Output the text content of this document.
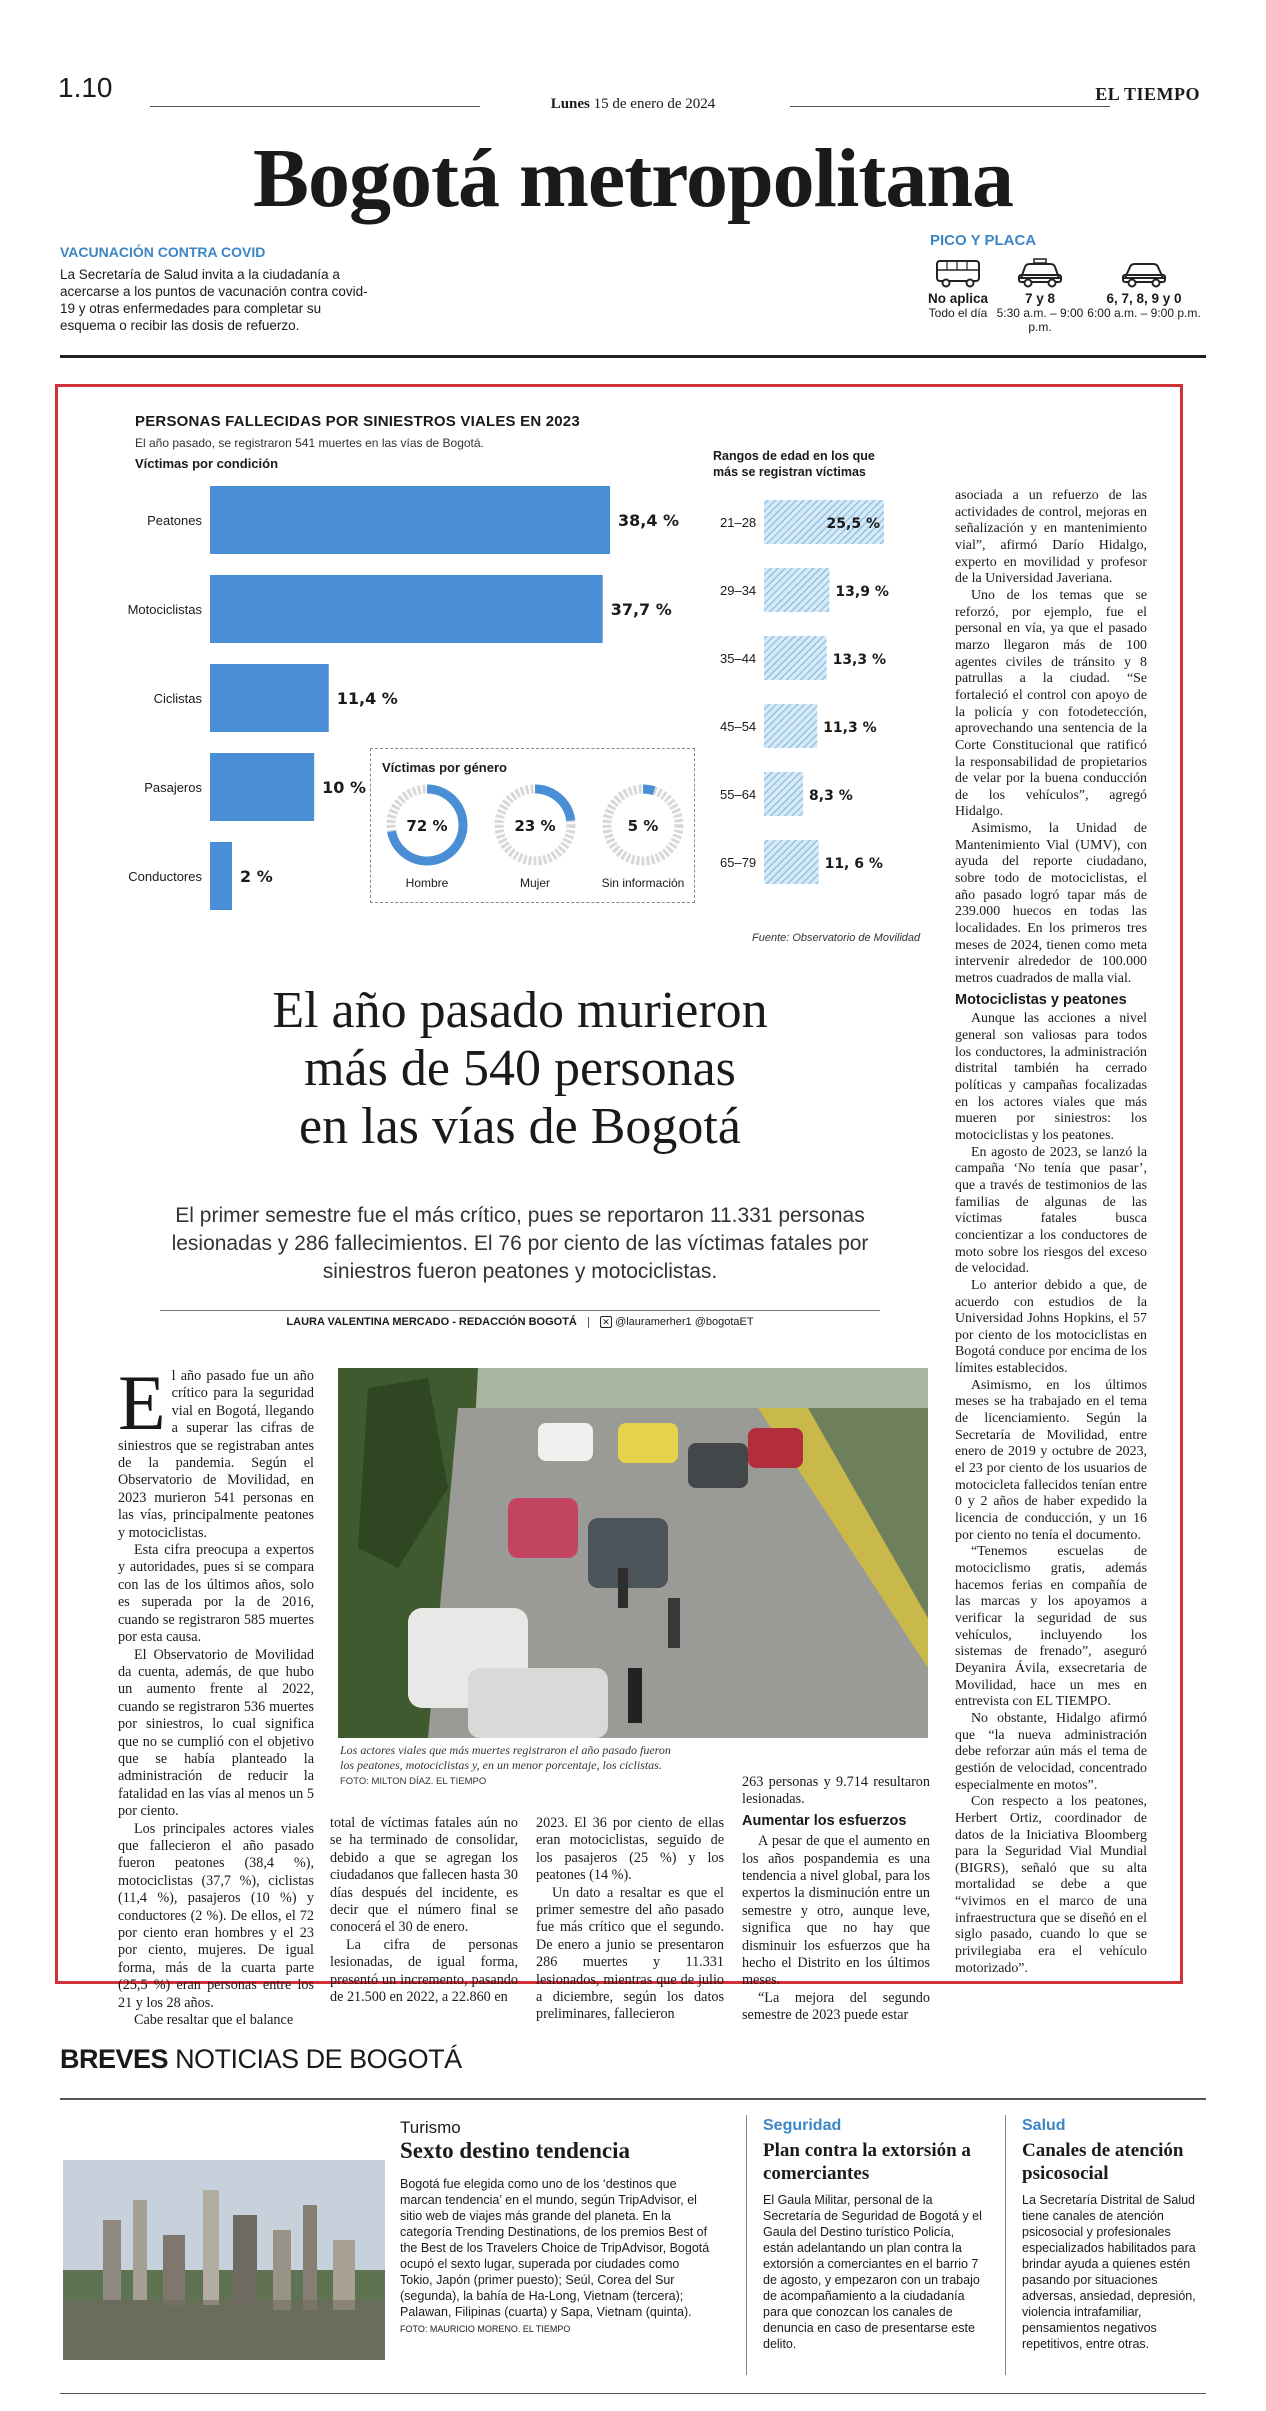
1.10
Lunes 15 de enero de 2024	EL TIEMPO
Bogotá metropolitana
VACUNACIÓN CONTRA COVID
La Secretaría de Salud invita a la ciudadanía a acercarse a los puntos de vacunación contra covid-19 y otras enfermedades para completar su esquema o recibir las dosis de refuerzo.
PICO Y PLACA
No aplica
Todo el día
7 y 8
5:30 a.m. – 9:00 p.m.
6, 7, 8, 9 y 0
6:00 a.m. – 9:00 p.m.
PERSONAS FALLECIDAS POR SINIESTROS VIALES EN 2023
El año pasado, se registraron 541 muertes en las vías de Bogotá.
Víctimas por condición
Peatones	38,4 %
Motociclistas	37,7 %
Ciclistas	11,4 %
Pasajeros	10 %
Conductores 2 %
Rangos de edad en los que más se registran víctimas
21–28	25,5 %
29–34	13,9 %
35–44	13,3 %
45–54	11,3 %
55–64	8,3 %
65–79	11, 6 %
Víctimas por género
72 %
Hombre
23 %
Mujer
5 %
Sin información
Fuente: Observatorio de Movilidad
El año pasado murieron
más de 540 personas
en las vías de Bogotá
El primer semestre fue el más crítico, pues se reportaron 11.331 personas lesionadas y 286 fallecimientos. El 76 por ciento de las víctimas fatales por siniestros fueron peatones y motociclistas.
LAURA VALENTINA MERCADO - REDACCIÓN BOGOTÁ	✕ @lauramerher1 @bogotaET
E l año pasado fue un año crítico para la seguridad vial en Bogotá, llegando a superar las cifras de siniestros que se registraban antes de la pandemia. Según el Observatorio de Movilidad, en 2023 murieron 541 personas en las vías, principalmente peatones y motociclistas.

Esta cifra preocupa a expertos y autoridades, pues si se compara con las de los últimos años, solo es superada por la de 2016, cuando se registraron 585 muertes por esta causa.

El Observatorio de Movilidad da cuenta, además, de que hubo un aumento frente al 2022, cuando se registraron 536 muertes por siniestros, lo cual significa que no se cumplió con el objetivo que se había planteado la administración de reducir la fatalidad en las vías al menos un 5 por ciento.

Los principales actores viales que fallecieron el año pasado fueron peatones (38,4 %), motociclistas (37,7 %), ciclistas (11,4 %), pasajeros (10 %) y conductores (2 %). De ellos, el 72 por ciento eran hombres y el 23 por ciento, mujeres. De igual forma, más de la cuarta parte (25,5 %) eran personas entre los 21 y los 28 años.

Cabe resaltar que el balance

Los actores viales que más muertes registraron el año pasado fueron los peatones, motociclistas y, en un menor porcentaje, los ciclistas. FOTO: MILTON DÍAZ. EL TIEMPO

total de víctimas fatales aún no se ha terminado de consolidar, debido a que se agregan los ciudadanos que fallecen hasta 30 días después del incidente, es decir que el número final se conocerá el 30 de enero.

La cifra de personas lesionadas, de igual forma, presentó un incremento, pasando de 21.500 en 2022, a 22.860 en

2023. El 36 por ciento de ellas eran motociclistas, seguido de los pasajeros (25 %) y los peatones (14 %).

Un dato a resaltar es que el primer semestre del año pasado fue más crítico que el segundo. De enero a junio se presentaron 286 muertes y 11.331 lesionados, mientras que de julio a diciembre, según los datos preliminares, fallecieron

263 personas y 9.714 resultaron lesionadas.

Aumentar los esfuerzos

A pesar de que el aumento en los años pospandemia es una tendencia a nivel global, para los expertos la disminución entre un semestre y otro, aunque leve, significa que no hay que disminuir los esfuerzos que ha hecho el Distrito en los últimos meses.

“La mejora del segundo semestre de 2023 puede estar

asociada a un refuerzo de las actividades de control, mejoras en señalización y en mantenimiento vial”, afirmó Darío Hidalgo, experto en movilidad y profesor de la Universidad Javeriana.

Uno de los temas que se reforzó, por ejemplo, fue el personal en vía, ya que el pasado marzo llegaron más de 100 agentes civiles de tránsito y 8 patrullas a la ciudad. “Se fortaleció el control con apoyo de la policía y con fotodetección, aprovechando una sentencia de la Corte Constitucional que ratificó la responsabilidad de propietarios de velar por la buena conducción de los vehículos”, agregó Hidalgo.

Asimismo, la Unidad de Mantenimiento Vial (UMV), con ayuda del reporte ciudadano, sobre todo de motociclistas, el año pasado logró tapar más de 239.000 huecos en todas las localidades. En los primeros tres meses de 2024, tienen como meta intervenir alrededor de 100.000 metros cuadrados de malla vial.

Motociclistas y peatones

Aunque las acciones a nivel general son valiosas para todos los conductores, la administración distrital también ha cerrado políticas y campañas focalizadas en los actores viales que más mueren por siniestros: los motociclistas y los peatones.

En agosto de 2023, se lanzó la campaña ‘No tenía que pasar’, que a través de testimonios de las familias de algunas de las víctimas fatales busca concientizar a los conductores de moto sobre los riesgos del exceso de velocidad.

Lo anterior debido a que, de acuerdo con estudios de la Universidad Johns Hopkins, el 57 por ciento de los motociclistas en Bogotá conduce por encima de los límites establecidos.

Asimismo, en los últimos meses se ha trabajado en el tema de licenciamiento. Según la Secretaría de Movilidad, entre enero de 2019 y octubre de 2023, el 23 por ciento de los usuarios de motocicleta fallecidos tenían entre 0 y 2 años de haber expedido la licencia de conducción, y un 16 por ciento no tenía el documento.

“Tenemos escuelas de motociclismo gratis, además hacemos ferias en compañía de las marcas y los apoyamos a verificar la seguridad de sus vehículos, incluyendo los sistemas de frenado”, aseguró Deyanira Ávila, exsecretaria de Movilidad, hace un mes en entrevista con EL TIEMPO.

No obstante, Hidalgo afirmó que “la nueva administración debe reforzar aún más el tema de gestión de velocidad, concentrado especialmente en motos”.

Con respecto a los peatones, Herbert Ortiz, coordinador de datos de la Iniciativa Bloomberg para la Seguridad Vial Mundial (BIGRS), señaló que su alta mortalidad se debe a que “vivimos en el marco de una infraestructura que se diseñó en el siglo pasado, cuando lo que se privilegiaba era el vehículo motorizado”.

BREVES NOTICIAS DE BOGOTÁ
Turismo
Sexto destino tendencia
Bogotá fue elegida como uno de los ‘destinos que marcan tendencia’ en el mundo, según TripAdvisor, el sitio web de viajes más grande del planeta. En la categoría Trending Destinations, de los premios Best of the Best de los Travelers Choice de TripAdvisor, Bogotá ocupó el sexto lugar, superada por ciudades como Tokio, Japón (primer puesto); Seúl, Corea del Sur (segunda), la bahía de Ha-Long, Vietnam (tercera); Palawan, Filipinas (cuarta) y Sapa, Vietnam (quinta). FOTO: MAURICIO MORENO. EL TIEMPO
Seguridad
Plan contra la extorsión a comerciantes
El Gaula Militar, personal de la Secretaría de Seguridad de Bogotá y el Gaula del Destino turístico Policía, están adelantando un plan contra la extorsión a comerciantes en el barrio 7 de agosto, y empezaron con un trabajo de acompañamiento a la ciudadanía para que conozcan los canales de denuncia en caso de presentarse este delito.
Salud
Canales de atención psicosocial
La Secretaría Distrital de Salud tiene canales de atención psicosocial y profesionales especializados habilitados para brindar ayuda a quienes estén pasando por situaciones adversas, ansiedad, depresión, violencia intrafamiliar, pensamientos negativos repetitivos, entre otras.
